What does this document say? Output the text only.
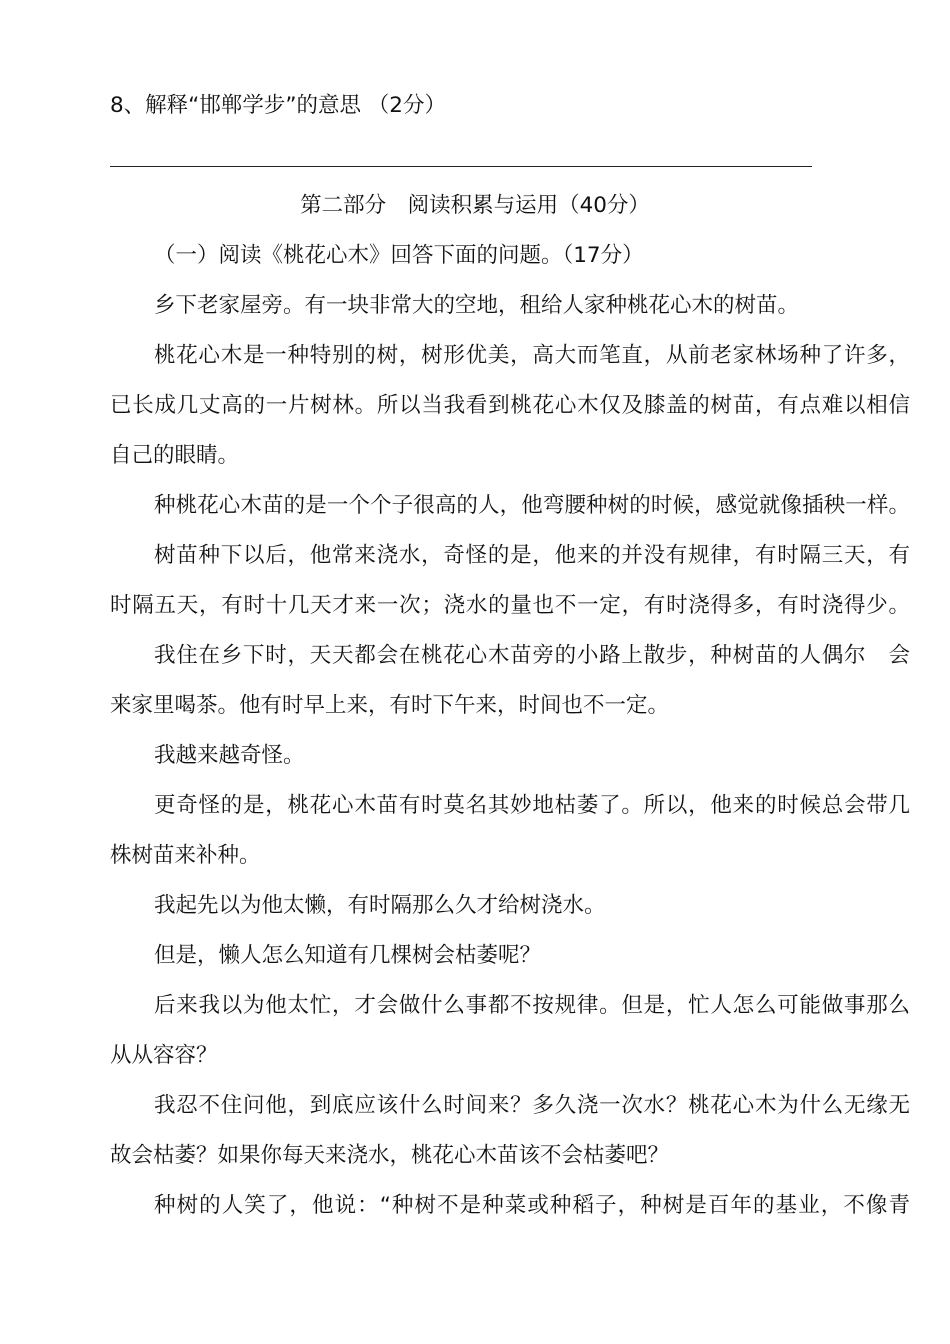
8、解释“邯郸学步”的意思 （2分）
第二部分　阅读积累与运用（40分）
（一）阅读《桃花心木》回答下面的问题。（17分）
乡下老家屋旁。有一块非常大的空地，租给人家种桃花心木的树苗。
桃花心木是一种特别的树，树形优美，高大而笔直，从前老家林场种了许多，
已长成几丈高的一片树林。所以当我看到桃花心木仅及膝盖的树苗，有点难以相信
自己的眼睛。
种桃花心木苗的是一个个子很高的人，他弯腰种树的时候，感觉就像插秧一样。
树苗种下以后，他常来浇水，奇怪的是，他来的并没有规律，有时隔三天，有
时隔五天，有时十几天才来一次；浇水的量也不一定，有时浇得多，有时浇得少。
我住在乡下时，天天都会在桃花心木苗旁的小路上散步，种树苗的人偶尔　会
来家里喝茶。他有时早上来，有时下午来，时间也不一定。
我越来越奇怪。
更奇怪的是，桃花心木苗有时莫名其妙地枯萎了。所以，他来的时候总会带几
株树苗来补种。
我起先以为他太懒，有时隔那么久才给树浇水。
但是，懒人怎么知道有几棵树会枯萎呢？
后来我以为他太忙，才会做什么事都不按规律。但是，忙人怎么可能做事那么
从从容容？
我忍不住问他，到底应该什么时间来？多久浇一次水？桃花心木为什么无缘无
故会枯萎？如果你每天来浇水，桃花心木苗该不会枯萎吧？
种树的人笑了，他说：“种树不是种菜或种稻子，种树是百年的基业，不像青
